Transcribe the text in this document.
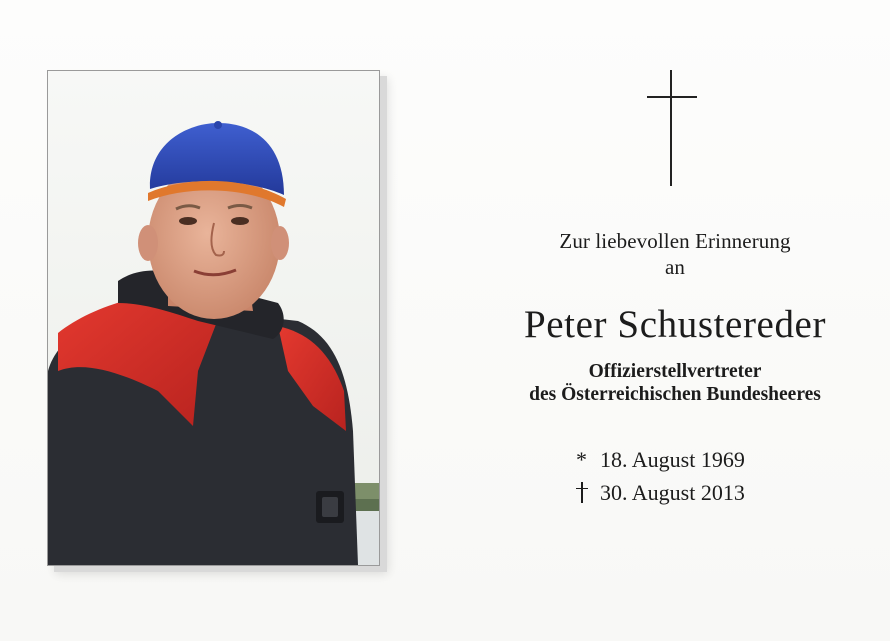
Zur liebevollen Erinnerung
an
Peter Schustereder
Offizierstellvertreter
des Österreichischen Bundesheeres
* 18. August 1969
30. August 2013
